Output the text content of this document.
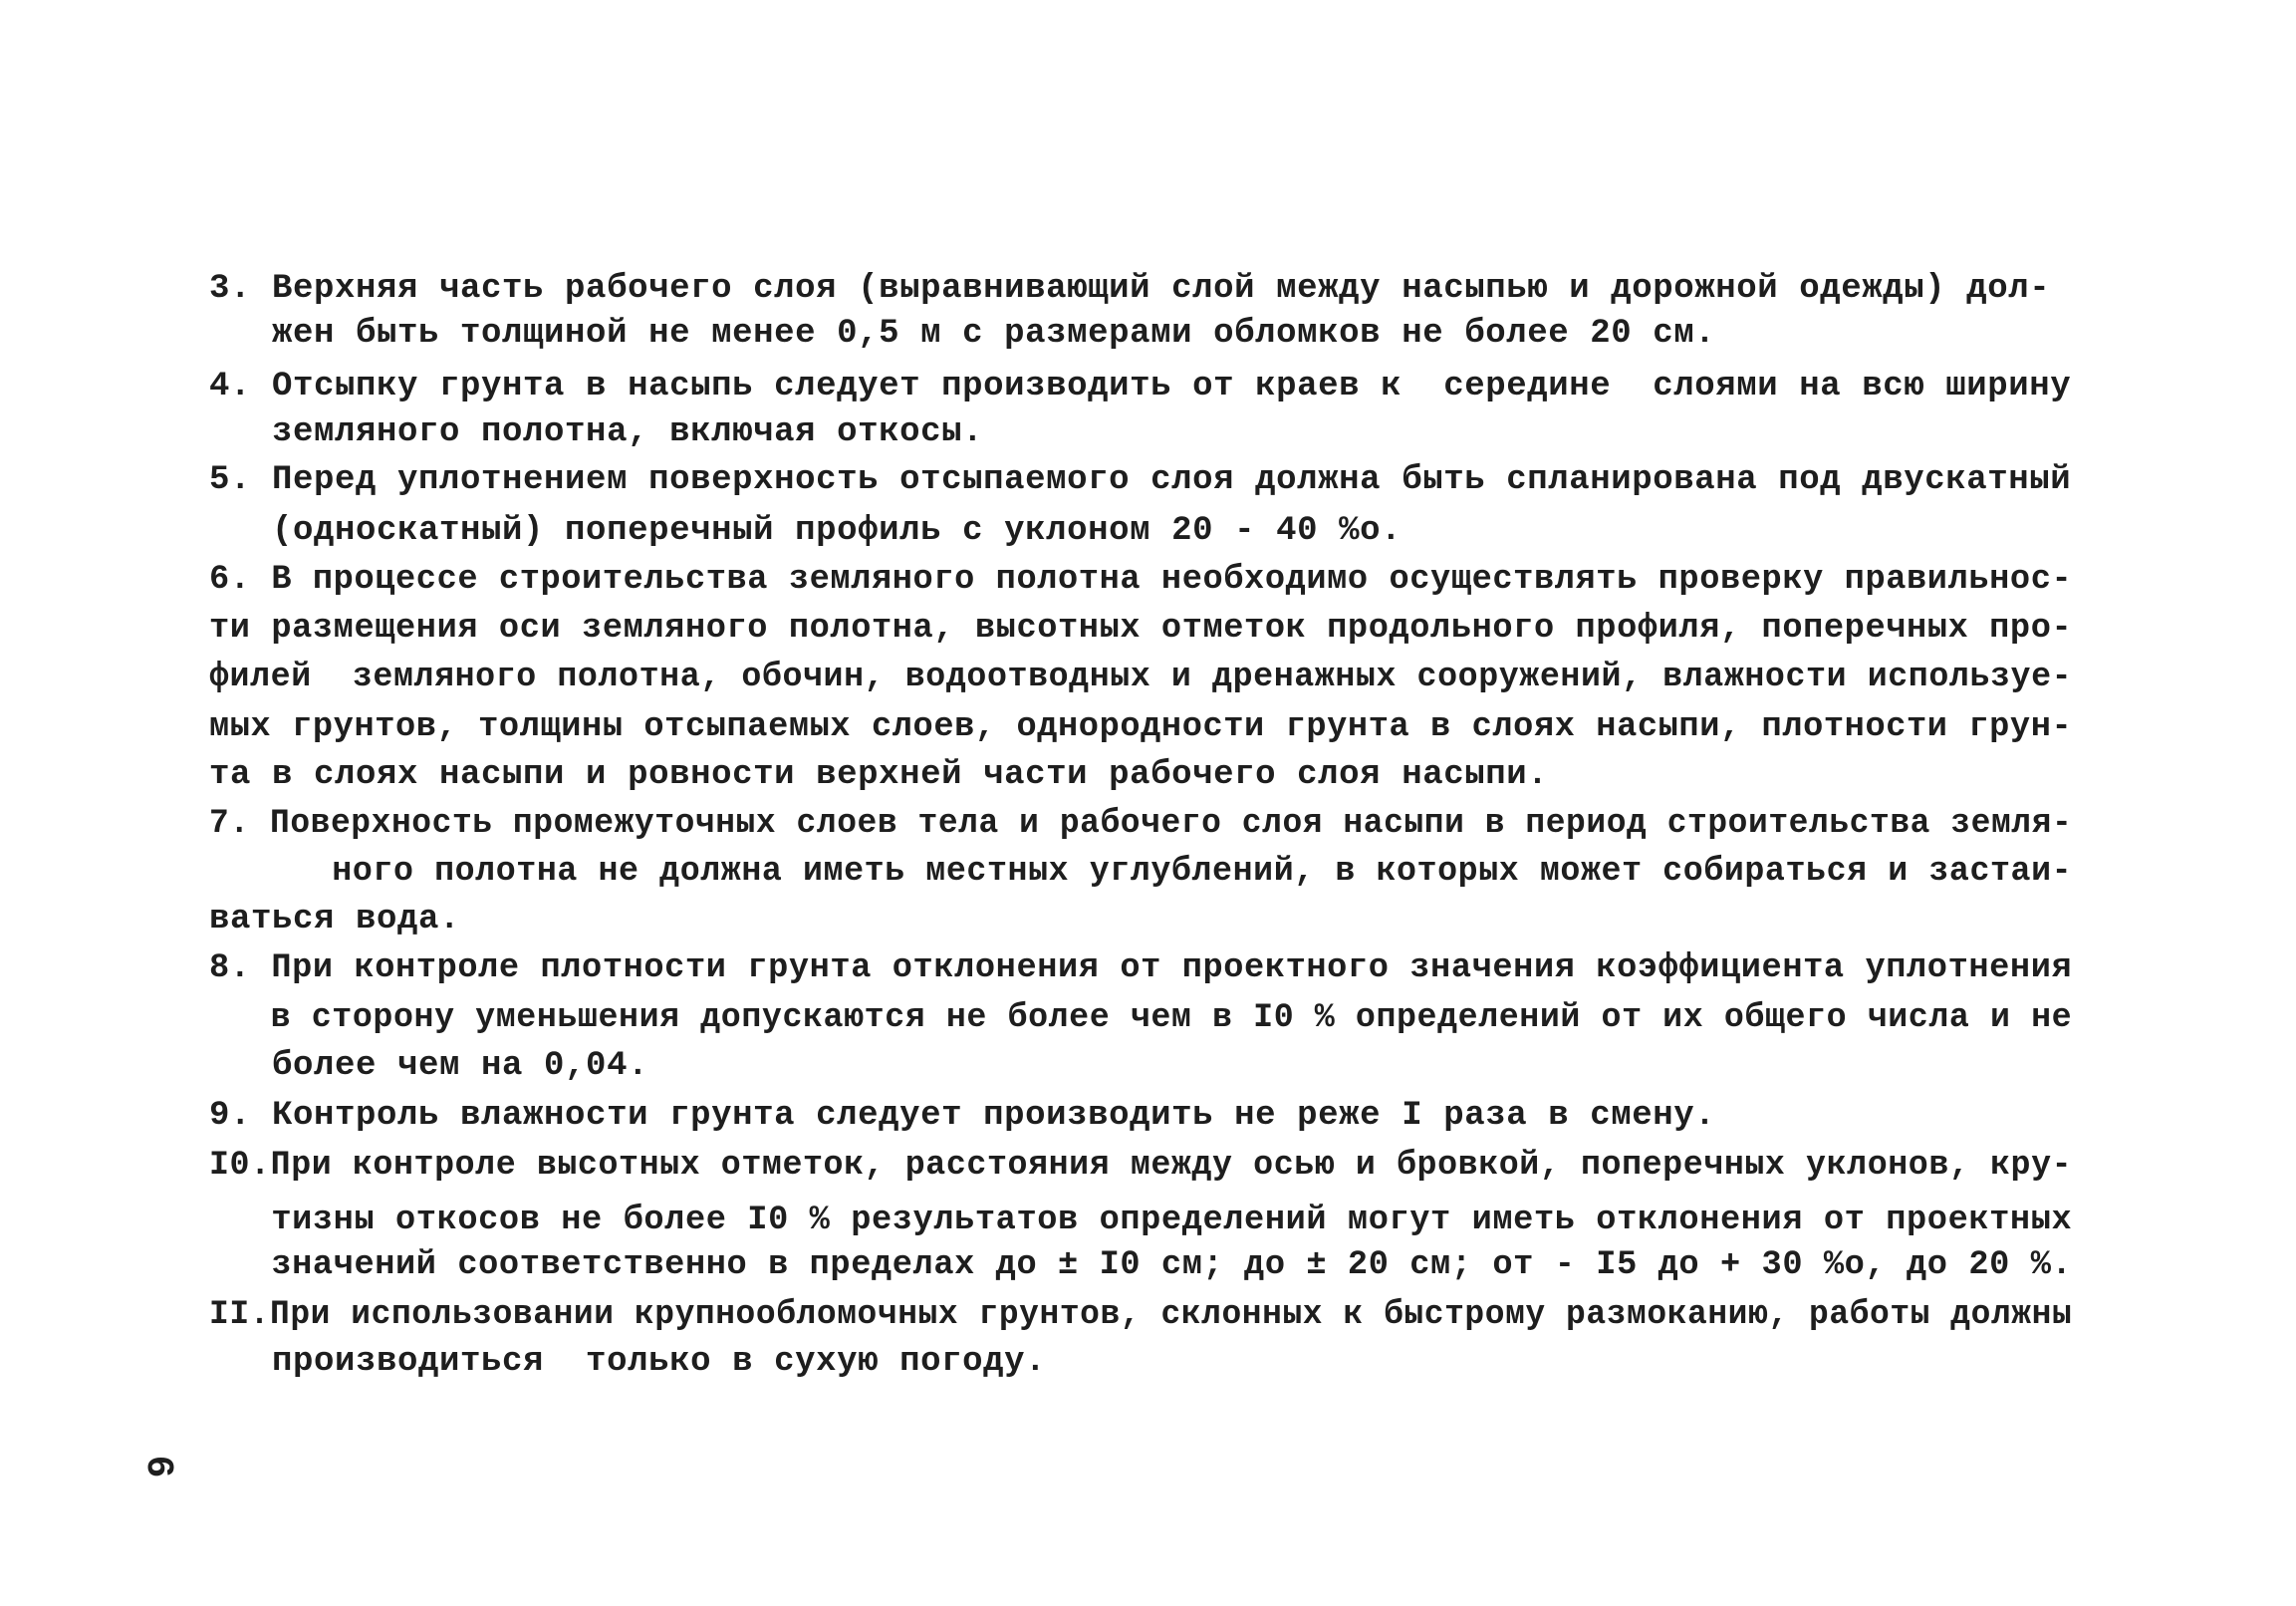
3. Верхняя часть рабочего слоя (выравнивающий слой между насыпью и дорожной одежды) дол-
жен быть толщиной не менее 0,5 м с размерами обломков не более 20 см.
4. Отсыпку грунта в насыпь следует производить от краев к  середине  слоями на всю ширину
земляного полотна, включая откосы.
5. Перед уплотнением поверхность отсыпаемого слоя должна быть спланирована под двускатный
(односкатный) поперечный профиль с уклоном 20 - 40 %о.
6. В процессе строительства земляного полотна необходимо осуществлять проверку правильнос-
ти размещения оси земляного полотна, высотных отметок продольного профиля, поперечных про-
филей  земляного полотна, обочин, водоотводных и дренажных сооружений, влажности используе-
мых грунтов, толщины отсыпаемых слоев, однородности грунта в слоях насыпи, плотности грун-
та в слоях насыпи и ровности верхней части рабочего слоя насыпи.
7. Поверхность промежуточных слоев тела и рабочего слоя насыпи в период строительства земля-
ного полотна не должна иметь местных углублений, в которых может собираться и застаи-
ваться вода.
8. При контроле плотности грунта отклонения от проектного значения коэффициента уплотнения
в сторону уменьшения допускаются не более чем в I0 % определений от их общего числа и не
более чем на 0,04.
9. Контроль влажности грунта следует производить не реже I раза в смену.
I0.При контроле высотных отметок, расстояния между осью и бровкой, поперечных уклонов, кру-
тизны откосов не более I0 % результатов определений могут иметь отклонения от проектных
значений соответственно в пределах до ± I0 см; до ± 20 см; от - I5 до + 30 %о, до 20 %.
II.При использовании крупнообломочных грунтов, склонных к быстрому размоканию, работы должны
производиться  только в сухую погоду.
6
